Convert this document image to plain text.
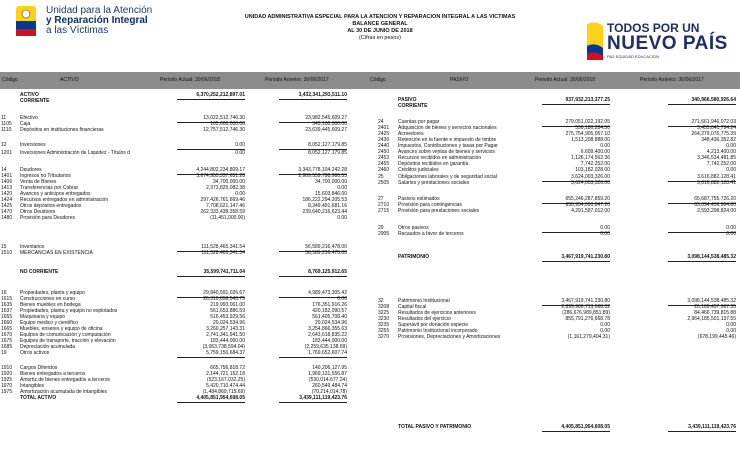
Unidad para la Atención
y Reparación Integral
a las Víctimas
UNIDAD ADMINISTRATIVA ESPECIAL PARA LA ATENCION Y REPARACION INTEGRAL A LAS VICTIMAS
BALANCE GENERAL
AL 30 DE JUNIO DE 2018
(Cifras en pesos)
TODOS POR UN
NUEVO PAÍS
PAZ EQUIDAD EDUCACIÓN
Código	ACTIVO	Periodo Actual: 30/06/2018	Periodo Anterior: 30/06/2017	Código	PASIVO	Periodo Actual: 30/06/2018	Periodo Anterior: 30/06/2017
ACTIVO	6,370,252,212,897.01	3,432,341,293,511.10
CORRIENTE
11	Efectivo	13,022,512,746.30	23,982,545,609.27
1105 Caja	165,000,000.00	343,100,000.00
1110 Depósitos en instituciones financieras	12,757,512,746.30	23,639,445,609.27
12	Inversiones	0.00	8,052,127,179.85
1201 Inversiones Administración de Liquidez - Títulos d	0.00	8,052,127,179.85
14	Deudores	4,244,802,234,809.17	3,343,778,104,242.28
1401 Ingresos no Tributarios	3,674,955,337,651.28	2,909,559,798,986.55
1406 Venta de Bienes	34,700,000.00	34,700,000.00
1413 Transferencias por Cobrar	2,373,825,082.38	0.00
1420 Avances y anticipos entregados	0.00	15,603,846.00
1424 Recursos entregados en administración	297,426,761,669.46	186,222,294,205.53
1425 Otros depósitos entregados	7,708,621,147.46	8,349,491,681.16
1470 Otros Deudores	262,333,438,358.59	239,640,216,623.44
1480 Provisión para Deudores	(11,451,000.00)	0.00
15	Inventarios	111,528,465,341.54	56,589,216,478.00
1510 MERCANCIAS EN EXISTENCIA	111,528,465,341.54	56,589,216,478.00
NO CORRIENTE	35,599,741,711.04	8,769,125,912.65
16	Propiedades, planta y equipo	29,840,591,026.67	4,989,473,305.42
1615 Construcciones en curso	26,310,658,543.75	0.00
1635 Bienes muebles en bodega	219,993,061.00	176,351,916.26
1637 Propiedades, planta y equipo no explotados	561,653,886.59	420,182,090.57
1655 Maquinaria y equipo	516,453,929.56	561,405,708.40
1660 Equipo médico y científico	20,024,534.96	20,024,534.96
1665 Muebles, enseres y equipo de oficina	3,260,257,143.31	3,254,866,355.63
1670 Equipos de comunicación y computación	2,741,341,941.50	2,643,618,835.22
1675 Equipos de transporte, tracción y elevación	183,444,000.00	183,444,000.00
1685 Depreciación acumulada	(3,063,738,594.04)	(2,259,635,138.09)
19	Otros activos	5,759,150,684.37	1,769,652,607.74
1910 Cargos Diferidos	665,756,818.72	140,206,127.95
1920 Bienes entregados a terceros	2,144,721,152.18	1,969,131,556.87
1925 Amortiz.de bienes entregados a terceros	(523,167,032.25)	(530,014,677.24)
1970 Intangibles	5,420,710,474.44	260,549,484.74
1975 Amortización acumulada de intangibles	(1,484,869,715.69)	(70,214,014.78)
TOTAL ACTIVO	4,405,851,954,608.05	3,439,111,119,423.76
PASIVO	937,932,213,377.25	340,966,580,926.64
CORRIENTE
24	Cuentas por pagar	279,051,022,192.05	271,661,946,072.03
2401 Adquisición de bienes y servicios nacionales	550,180,284.50	3,455,841,794.24
2425 Acreedores	275,754,905,057.10	264,279,076,775.39
2436 Retención en la fuente e impuesto de timbre	1,513,208,888.00	348,436,352.82
2440 Impuestos, Contribuciones y tasas por Pagar	0.00	0.00
2450 Avances sobre ventas de bienes y servicios	6,609,400.00	4,213,400.00
2453 Recursos recibidos en administración	1,126,174,562.36	3,346,534,481.85
2455 Depósitos recibidos en garantía	7,742,252.00	7,742,252.00
2460 Créditos judiciales	103,182,028.00	0.00
25	Obligaciones laborales y de seguridad social	3,624,003,326.00	3,616,882,128.41
2505 Salarios y prestaciones sociales	3,624,003,326.00	3,616,882,128.41
27	Pasivos estimados	655,246,287,859.20	65,687,755,726.20
2710 Provisión para contingencias	650,954,690,847.20	63,094,456,904.80
2715 Provisión para prestaciones sociales	4,291,597,012.00	2,593,298,824.00
29	Otros pasivos	0.00	0.00
2905 Recaudos a favor de terceros	0.00	0.00
PATRIMONIO	3,467,919,741,230.80	3,098,144,538,485.32
32	Patrimonio Institucional	3,467,919,741,230.80	3,098,144,538,485.32
3208 Capital fiscal	2,899,966,713,568.32	26,169,457,967.35
3225 Resultados de ejercicios anteriores	(286,676,989,851.89)	84,466,739,815.88
3230 Resultados del ejercicio	855,791,276,668.78	2,964,185,501,137.55
3235 Superávit por donación especie	0.00	0.00
3255 Patrimonio Institucional incorporado	0.00	0.00
3270 Provisiones, Depreciaciones y Amortizaciones	(1,161,279,404.31)	(678,199,445.46)
TOTAL PASIVO Y PATRIMONIO	4,405,851,954,608.05	3,439,111,119,423.76
